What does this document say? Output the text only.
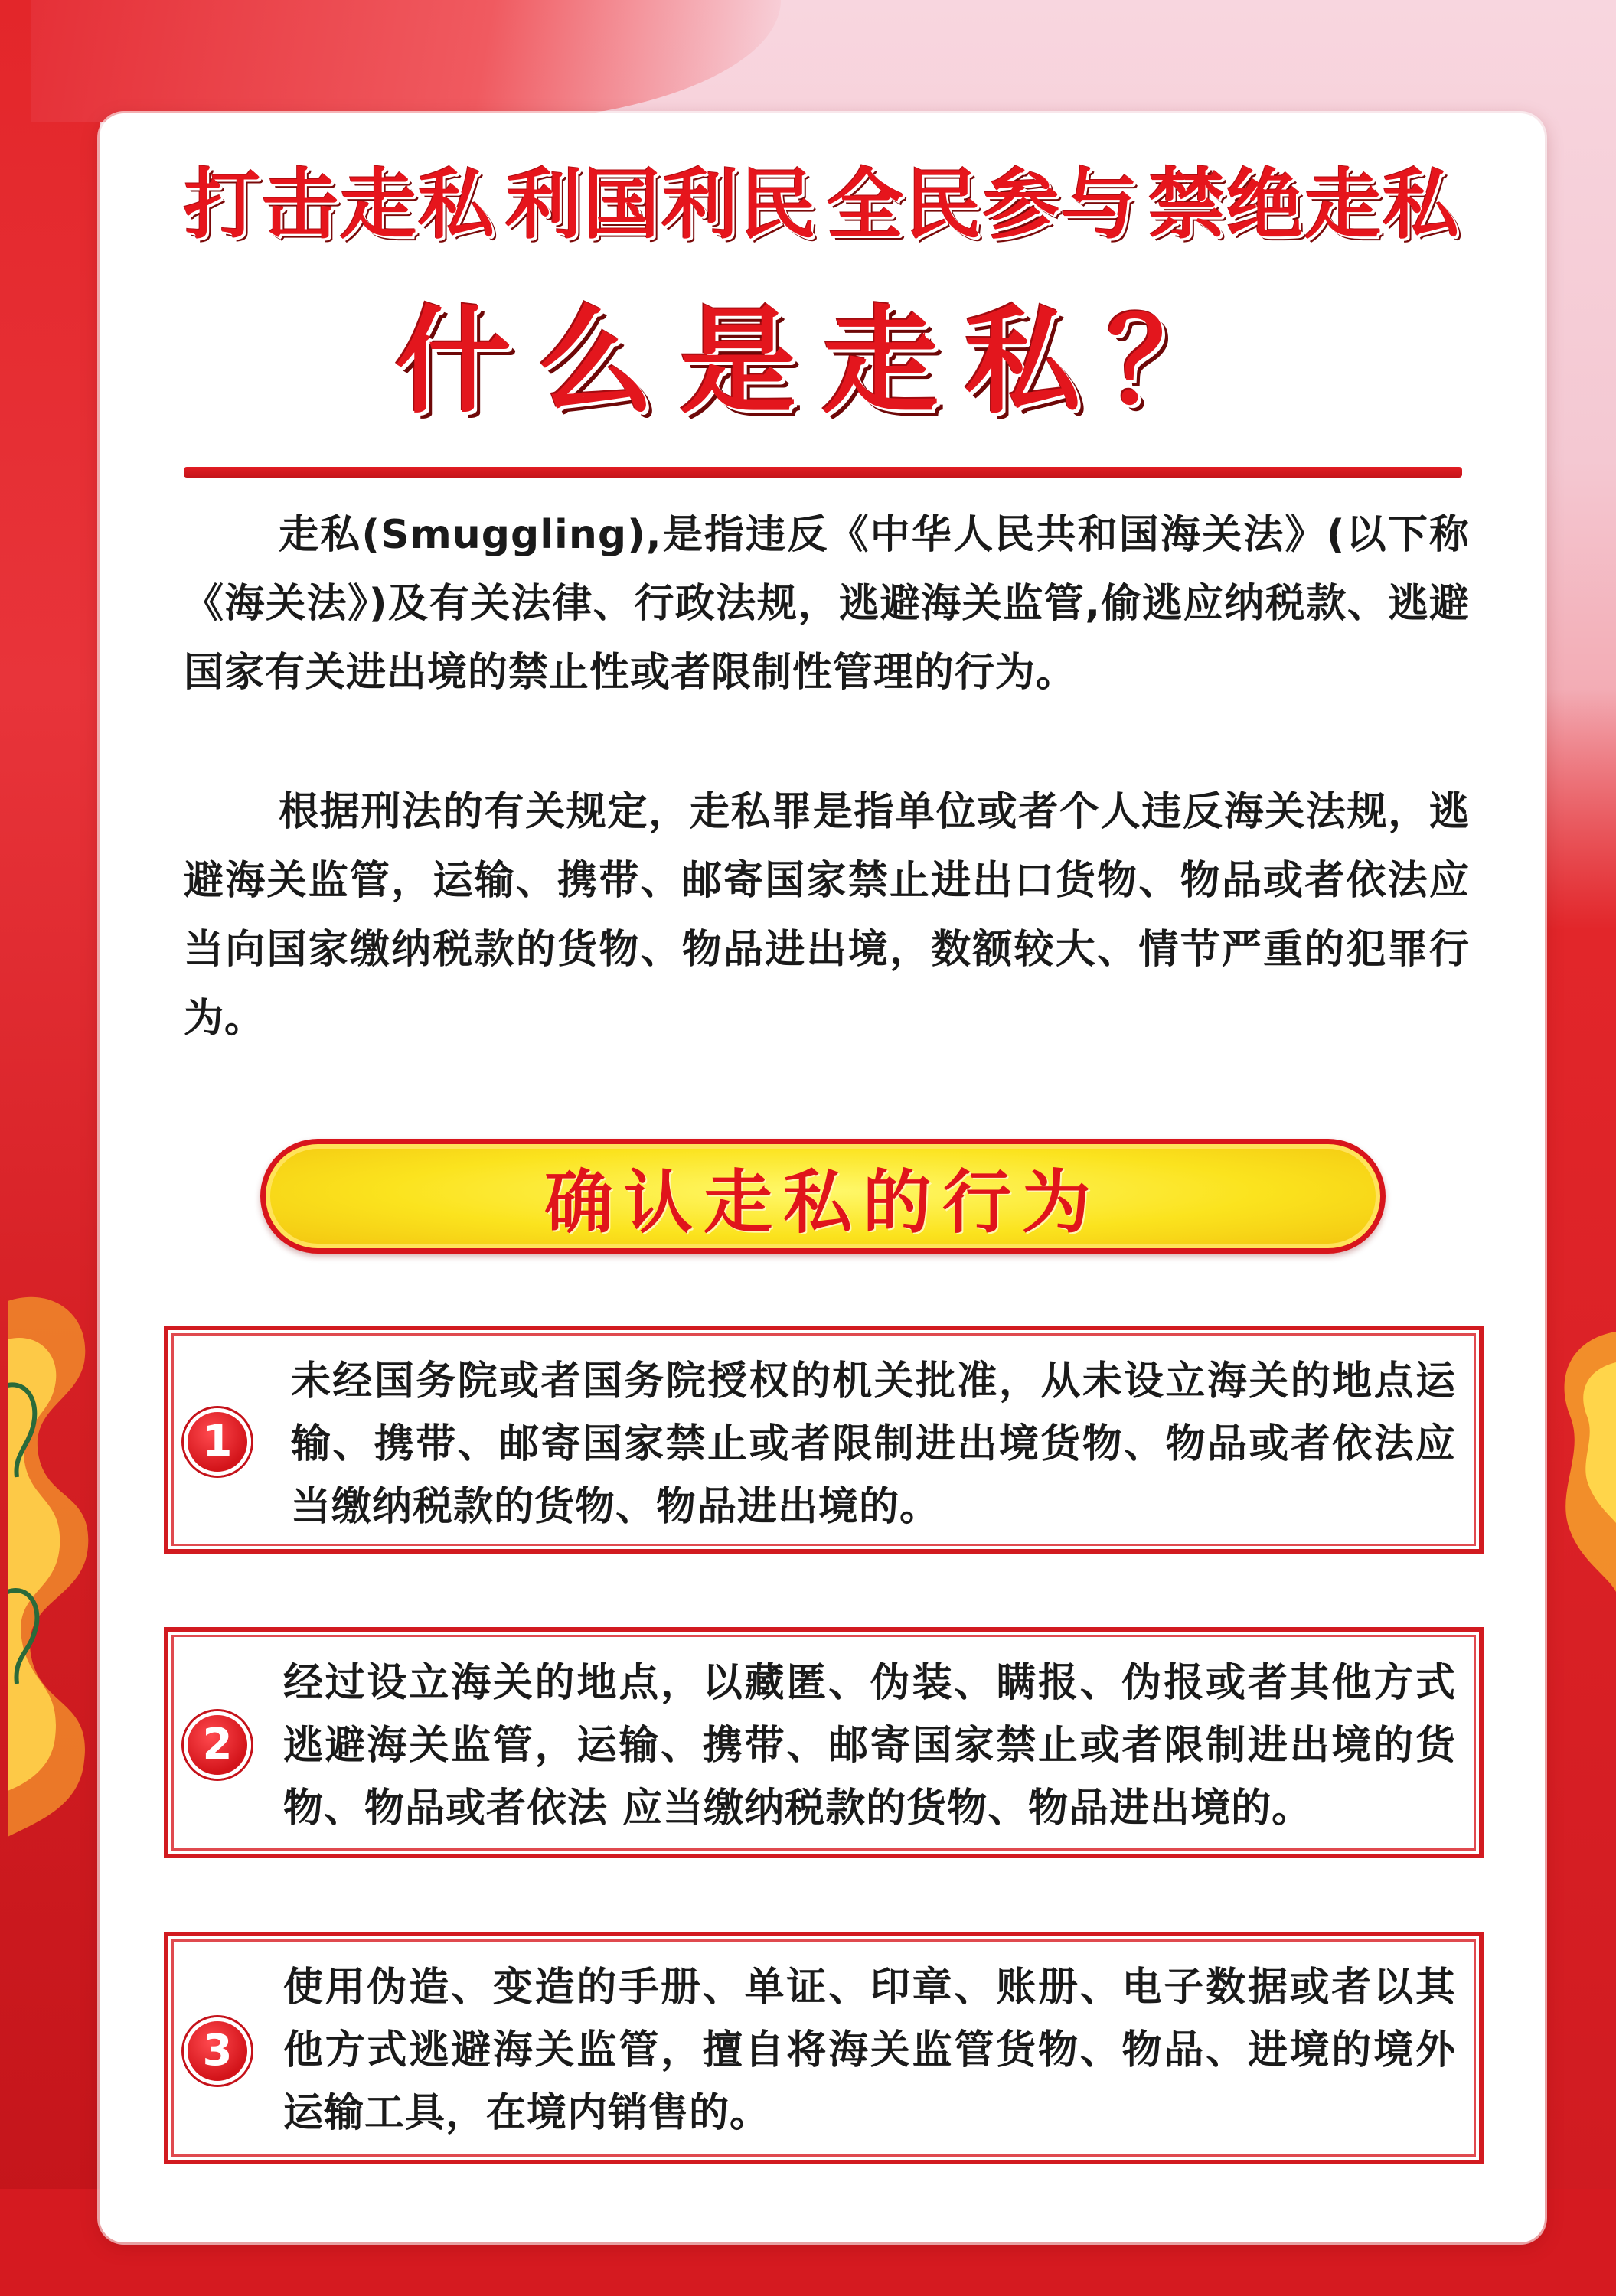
打击走私 利国利民 全民参与 禁绝走私
什么是走私？
走私(Smuggling),是指违反《中华人民共和国海关法》(以下称《海关法》)及有关法律、行政法规，逃避海关监管,偷逃应纳税款、逃避国家有关进出境的禁止性或者限制性管理的行为。
根据刑法的有关规定，走私罪是指单位或者个人违反海关法规，逃避海关监管，运输、携带、邮寄国家禁止进出口货物、物品或者依法应当向国家缴纳税款的货物、物品进出境，数额较大、情节严重的犯罪行为。
确认走私的行为
1
未经国务院或者国务院授权的机关批准，从未设立海关的地点运输、携带、邮寄国家禁止或者限制进出境货物、物品或者依法应当缴纳税款的货物、物品进出境的。
2
经过设立海关的地点，以藏匿、伪装、瞒报、伪报或者其他方式逃避海关监管，运输、携带、邮寄国家禁止或者限制进出境的货物、物品或者依法 应当缴纳税款的货物、物品进出境的。
3
使用伪造、变造的手册、单证、印章、账册、电子数据或者以其他方式逃避海关监管，擅自将海关监管货物、物品、进境的境外运输工具，在境内销售的。
